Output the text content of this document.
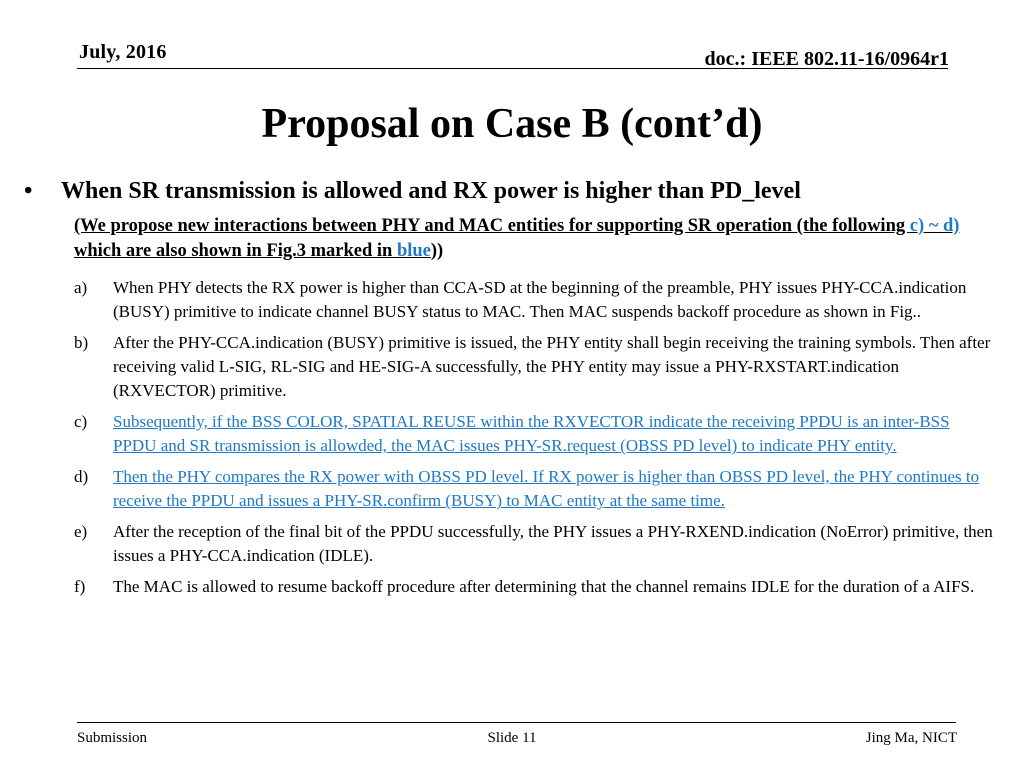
July, 2016	doc.: IEEE 802.11-16/0964r1
Proposal on Case B (cont’d)
•	When SR transmission is allowed and RX power is higher than PD_level
(We propose new interactions between PHY and MAC entities for supporting SR operation (the following c) ~ d) which are also shown in Fig.3 marked in blue))
a)	When PHY detects the RX power is higher than CCA-SD at the beginning of the preamble, PHY issues PHY-CCA.indication (BUSY) primitive to indicate channel BUSY status to MAC. Then MAC suspends backoff procedure as shown in Fig..
b)	After the PHY-CCA.indication (BUSY) primitive is issued, the PHY entity shall begin receiving the training symbols. Then after receiving valid L-SIG, RL-SIG and HE-SIG-A successfully, the PHY entity may issue a PHY-RXSTART.indication (RXVECTOR) primitive.
c)	Subsequently, if the BSS COLOR, SPATIAL REUSE within the RXVECTOR indicate the receiving PPDU is an inter-BSS PPDU and SR transmission is allowded, the MAC issues PHY-SR.request (OBSS PD level) to indicate PHY entity.
d)	Then the PHY compares the RX power with OBSS PD level. If RX power is higher than OBSS PD level, the PHY continues to receive the PPDU and issues a PHY-SR.confirm (BUSY) to MAC entity at the same time.
e)	After the reception of the final bit of the PPDU successfully, the PHY issues a PHY-RXEND.indication (NoError) primitive, then issues a PHY-CCA.indication (IDLE).
f)	The MAC is allowed to resume backoff procedure after determining that the channel remains IDLE for the duration of a AIFS.
Submission	Slide 11	Jing Ma, NICT
